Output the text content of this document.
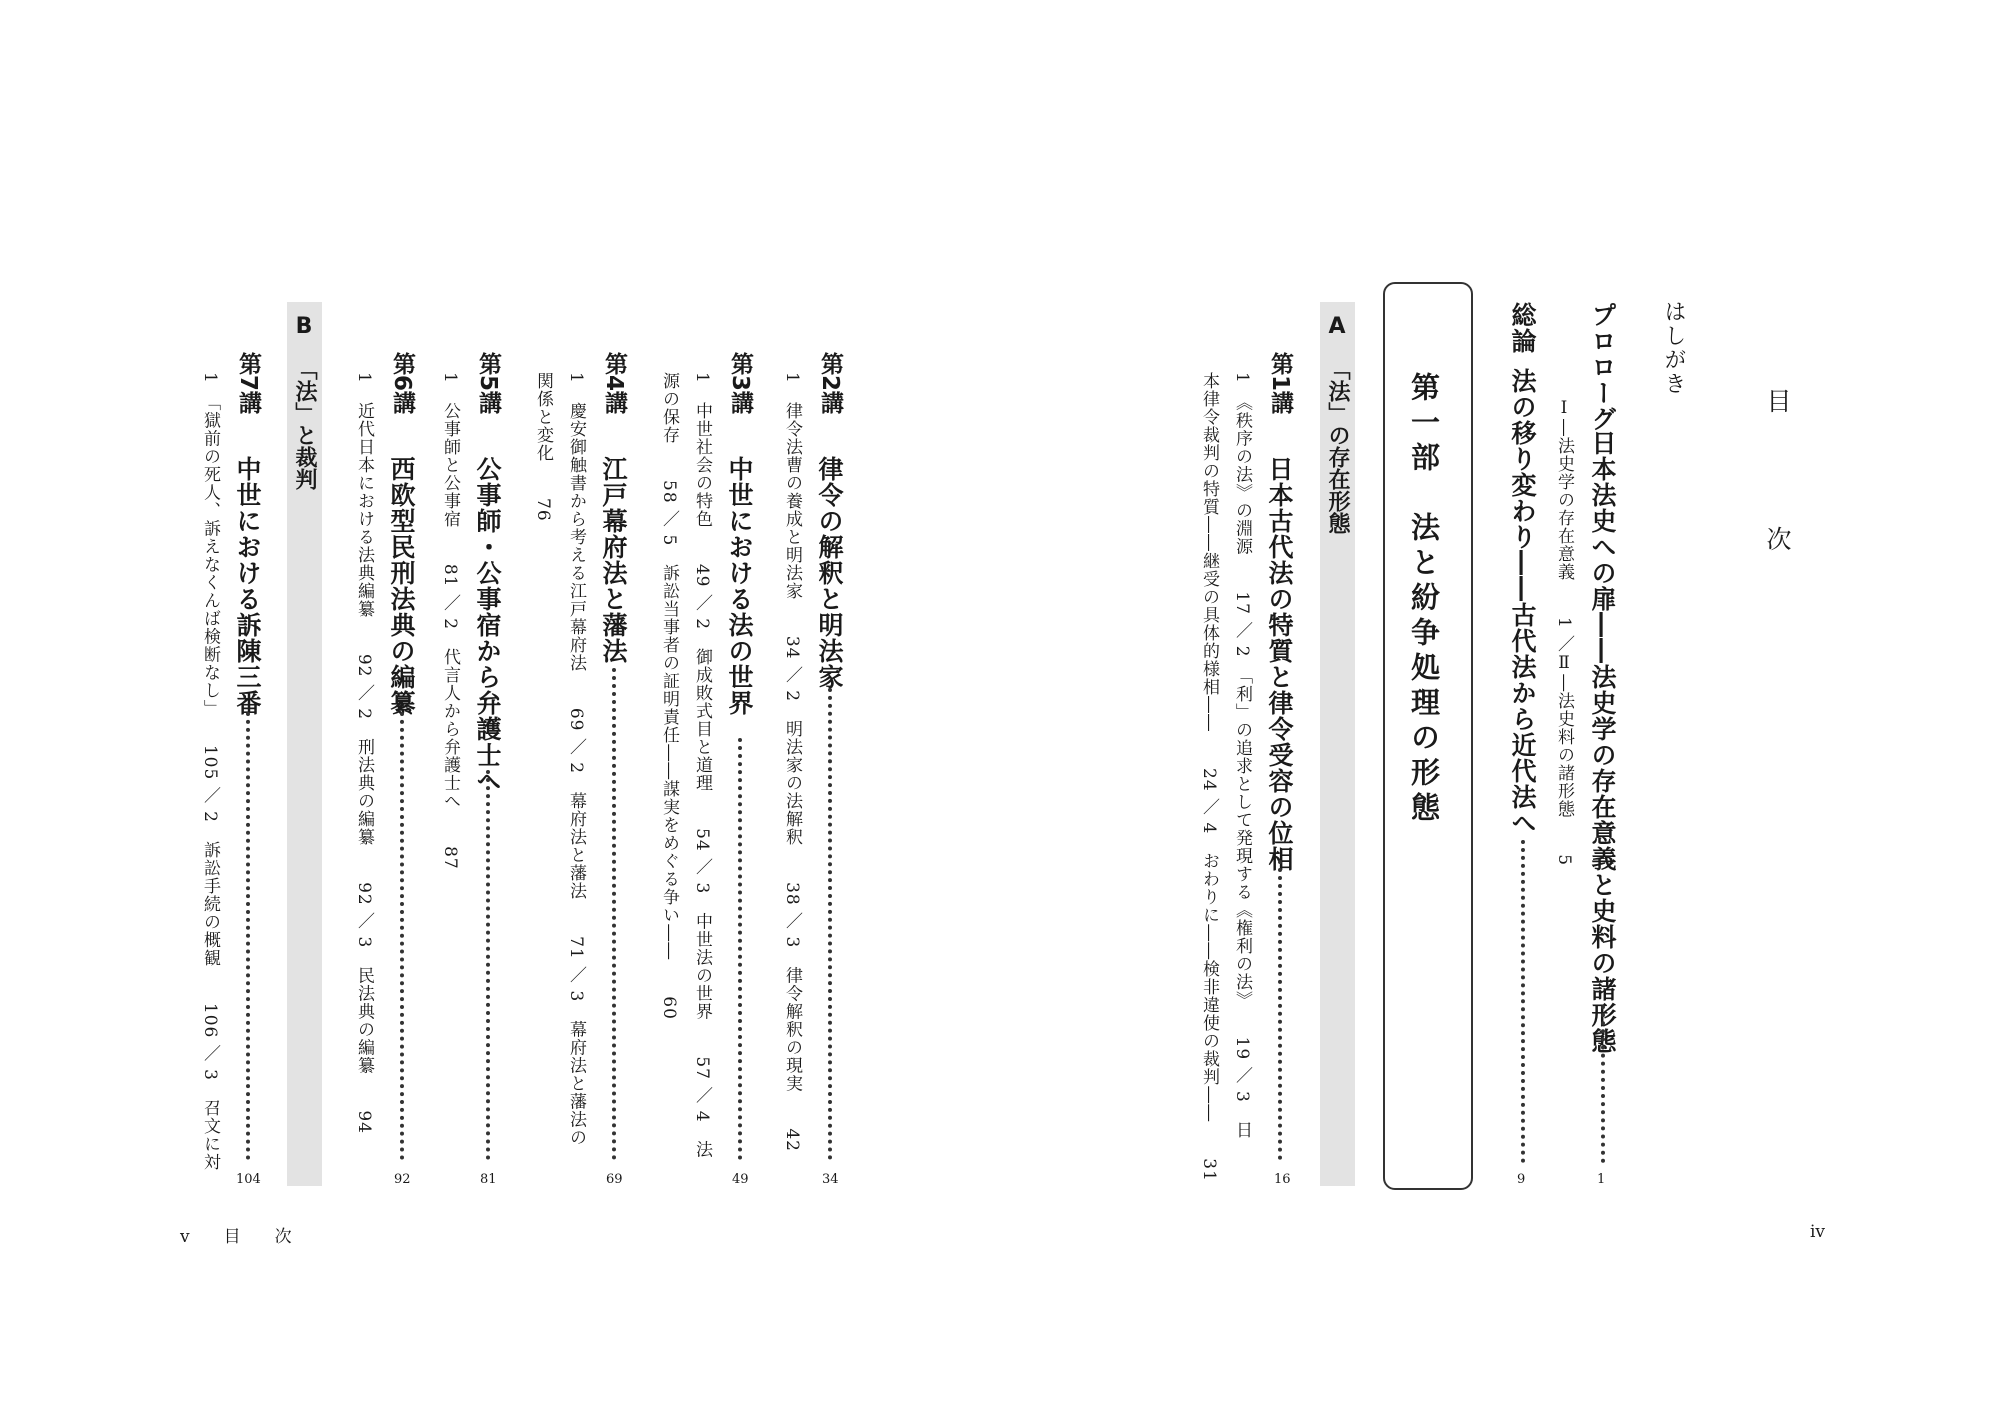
目　次
はしがき
プロローグ
日本法史への扉――法史学の存在意義と史料の諸形態
1
Ⅰ―法史学の存在意義　　1 ／Ⅱ―法史料の諸形態　　5
総論
法の移り変わり――古代法から近代法へ
9
第一部　法と紛争処理の形態
A
「法」の存在形態
第1講
日本古代法の特質と律令受容の位相
16
1　《秩序の法》の淵源　　17 ／ 2　「利」の追求として発現する《権利の法》　　19 ／ 3　日
本律令裁判の特質――継受の具体的様相――　　24 ／ 4　おわりに――検非違使の裁判――　　31
iv
第2講
律令の解釈と明法家
34
1　律令法曹の養成と明法家　　34 ／ 2　明法家の法解釈　　38 ／ 3　律令解釈の現実　　42
第3講
中世における法の世界
49
1　中世社会の特色　　49 ／ 2　御成敗式目と道理　　54 ／ 3　中世法の世界　　57 ／ 4　法
源の保存　　58 ／ 5　訴訟当事者の証明責任――謀実をめぐる争い――　　60
第4講
江戸幕府法と藩法
69
1　慶安御触書から考える江戸幕府法　　69 ／ 2　幕府法と藩法　　71 ／ 3　幕府法と藩法の
関係と変化　　76
第5講
公事師・公事宿から弁護士へ
81
1　公事師と公事宿　　81 ／ 2　代言人から弁護士へ　　87
第6講
西欧型民刑法典の編纂
92
1　近代日本における法典編纂　　92 ／ 2　刑法典の編纂　　92 ／ 3　民法典の編纂　　94
B
「法」と裁判
第7講
中世における訴陳三番
104
1　「獄前の死人、訴えなくんば検断なし」　　105 ／ 2　訴訟手続の概観　　106 ／ 3　召文に対
v　　目　　次
